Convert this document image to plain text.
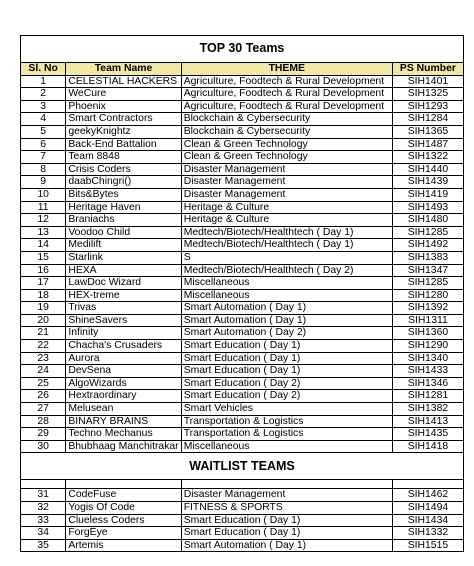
TOP 30 Teams			
Sl. No	Team Name	THEME	PS Number
1	CELESTIAL HACKERS	Agriculture, Foodtech & Rural Development	SIH1401
2	WeCure	Agriculture, Foodtech & Rural Development	SIH1325
3	Phoenix	Agriculture, Foodtech & Rural Development	SIH1293
4	Smart Contractors	Blockchain & Cybersecurity	SIH1284
5	geekyKnightz	Blockchain & Cybersecurity	SIH1365
6	Back-End Battalion	Clean & Green Technology	SIH1487
7	Team 8848	Clean & Green Technology	SIH1322
8	Crisis Coders	Disaster Management	SIH1440
9	daabChingri()	Disaster Management	SIH1439
10	Bits&Bytes	Disaster Management	SIH1419
11	Heritage Haven	Heritage & Culture	SIH1493
12	Braniachs	Heritage & Culture	SIH1480
13	Voodoo Child	Medtech/Biotech/Healthtech ( Day 1)	SIH1285
14	Medilift	Medtech/Biotech/Healthtech ( Day 1)	SIH1492
15	Starlink	S	SIH1383
16	HEXA	Medtech/Biotech/Healthtech ( Day 2)	SIH1347
17	LawDoc Wizard	Miscellaneous	SIH1285
18	HEX-treme	Miscellaneous	SIH1280
19	Trivas	Smart Automation ( Day 1)	SIH1392
20	ShineSavers	Smart Automation ( Day 1)	SIH1311
21	Infinity	Smart Automation ( Day 2)	SIH1360
22	Chacha's Crusaders	Smart Education ( Day 1)	SIH1290
23	Aurora	Smart Education ( Day 1)	SIH1340
24	DevSena	Smart Education ( Day 1)	SIH1433
25	AlgoWizards	Smart Education ( Day 2)	SIH1346
26	Hextraordinary	Smart Education ( Day 2)	SIH1281
27	Melusean	Smart Vehicles	SIH1382
28	BINARY BRAINS	Transportation & Logistics	SIH1413
29	Techno Mechanus	Transportation & Logistics	SIH1435
30	Bhubhaag Manchitrakar	Miscellaneous	SIH1418
WAITLIST TEAMS			

31	CodeFuse	Disaster Management	SIH1462
32	Yogis Of Code	FITNESS & SPORTS	SIH1494
33	Clueless Coders	Smart Education ( Day 1)	SIH1434
34	ForgEye	Smart Education ( Day 1)	SIH1332
35	Artemis	Smart Automation ( Day 1)	SIH1515
